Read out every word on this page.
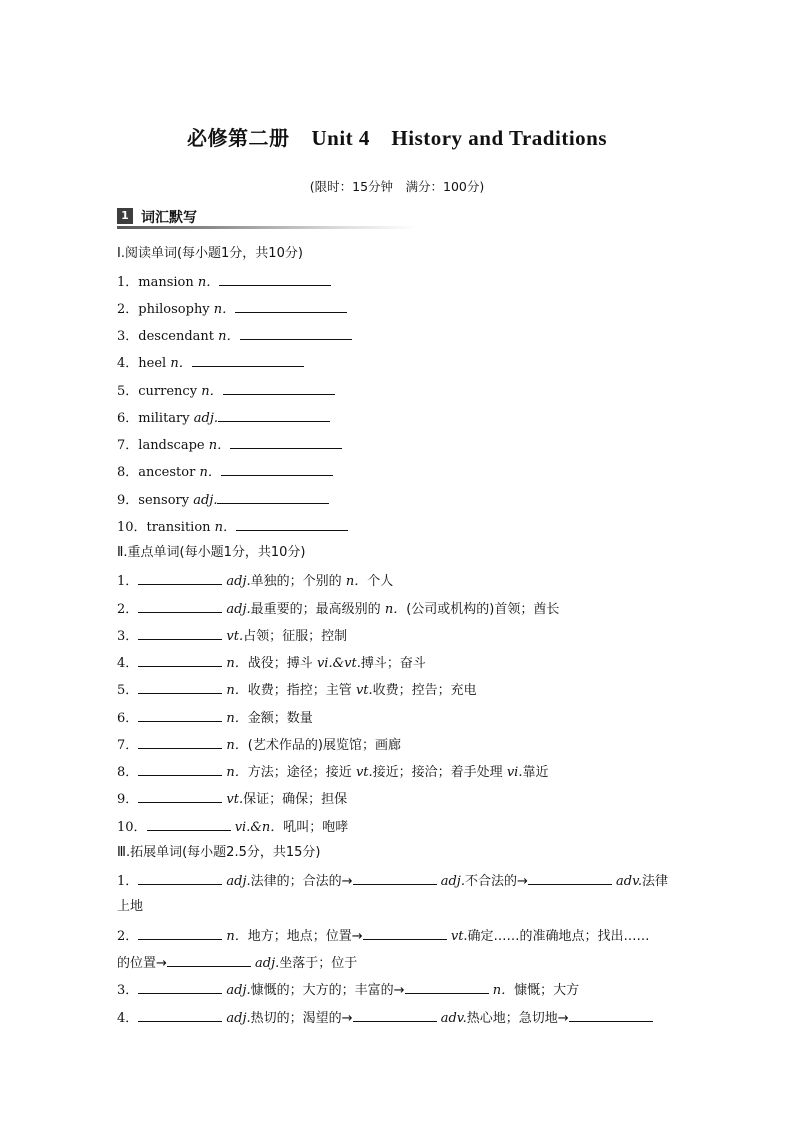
必修第二册 Unit 4　History and Traditions
(限时：15分钟　满分：100分)
1 词汇默写
Ⅰ.阅读单词(每小题1分，共10分)
1．mansion n．
2．philosophy n．
3．descendant n．
4．heel n．
5．currency n．
6．military adj.
7．landscape n．
8．ancestor n．
9．sensory adj.
10．transition n．
Ⅱ.重点单词(每小题1分，共10分)
1．	adj.单独的；个别的 n．个人
2．	adj.最重要的；最高级别的 n．(公司或机构的)首领；酋长
3．	vt.占领；征服；控制
4．	n．战役；搏斗 vi.&vt.搏斗；奋斗
5．	n．收费；指控；主管 vt.收费；控告；充电
6．	n．金额；数量
7．	n．(艺术作品的)展览馆；画廊
8．	n．方法；途径；接近 vt.接近；接洽；着手处理 vi.靠近
9．	vt.保证；确保；担保
10．	vi.&n．吼叫；咆哮
Ⅲ.拓展单词(每小题2.5分，共15分)
1．	adj.法律的；合法的→	adj.不合法的→	adv.法律
上地
2．	n．地方；地点；位置→	vt.确定……的准确地点；找出……
的位置→	adj.坐落于；位于
3．	adj.慷慨的；大方的；丰富的→	n．慷慨；大方
4．	adj.热切的；渴望的→	adv.热心地；急切地→
